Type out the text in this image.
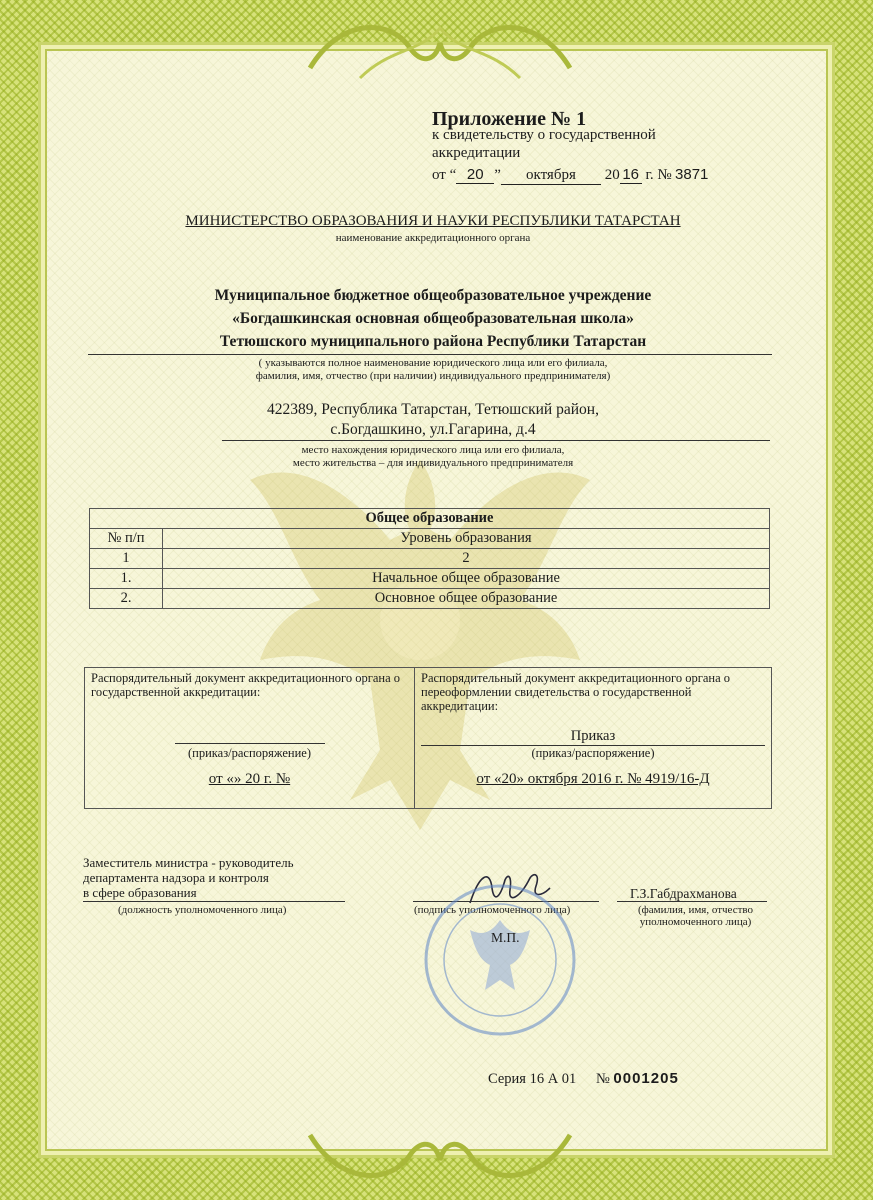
Приложение № 1
к свидетельству о государственной аккредитации
от “ 20 ” октября 20 16 г. № 3871
МИНИСТЕРСТВО ОБРАЗОВАНИЯ И НАУКИ РЕСПУБЛИКИ ТАТАРСТАН
наименование аккредитационного органа
Муниципальное бюджетное общеобразовательное учреждение
«Богдашкинская основная общеобразовательная школа»
Тетюшского муниципального района Республики Татарстан
( указываются полное наименование юридического лица или его филиала,
фамилия, имя, отчество (при наличии) индивидуального предпринимателя)
422389, Республика Татарстан, Тетюшский район,
с.Богдашкино, ул.Гагарина, д.4
место нахождения юридического лица или его филиала,
место жительства – для индивидуального предпринимателя
Общее образование	
№ п/п	Уровень образования
1	2
1.	Начальное общее образование
2.	Основное общее образование
Распорядительный документ аккредитационного органа о государственной аккредитации:
(приказ/распоряжение)
от «» 20 г. №
Распорядительный документ аккредитационного органа о переоформлении свидетельства о государственной аккредитации:
Приказ
(приказ/распоряжение)
от «20» октября 2016 г. № 4919/16-Д
Заместитель министра - руководитель
департамента надзора и контроля
в сфере образования
(должность уполномоченного лица)	(подпись уполномоченного лица)
М.П.
Г.З.Габдрахманова
(фамилия, имя, отчество
уполномоченного лица)
Серия 16 А 01 № 0001205
